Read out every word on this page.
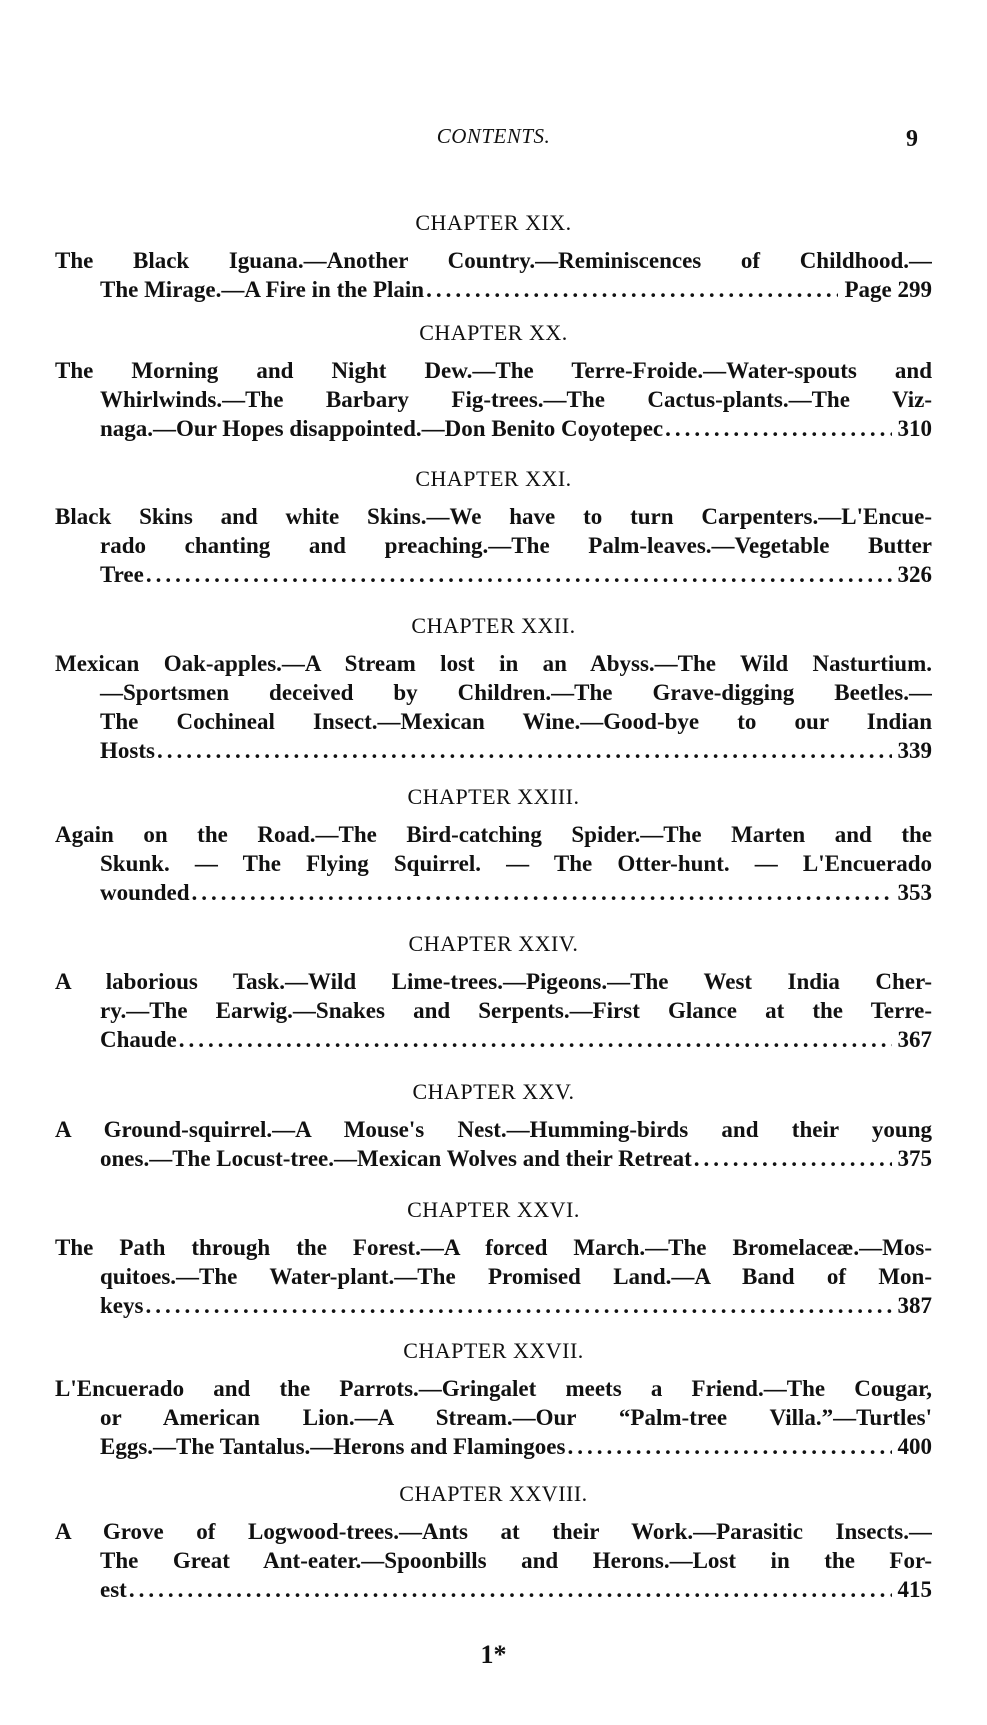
CONTENTS.	9
CHAPTER XIX.
The Black Iguana.—Another Country.—Reminiscences of Childhood.—
The Mirage.—A Fire in the Plain .....	Page 299
CHAPTER XX.
The Morning and Night Dew.—The Terre-Froide.—Water-spouts and
Whirlwinds.—The Barbary Fig-trees.—The Cactus-plants.—The Viz-
naga.—Our Hopes disappointed.—Don Benito Coyotepec .....	310
CHAPTER XXI.
Black Skins and white Skins.—We have to turn Carpenters.—L'Encue-
rado chanting and preaching.—The Palm-leaves.—Vegetable Butter
Tree .....	326
CHAPTER XXII.
Mexican Oak-apples.—A Stream lost in an Abyss.—The Wild Nasturtium.
—Sportsmen deceived by Children.—The Grave-digging Beetles.—
The Cochineal Insect.—Mexican Wine.—Good-bye to our Indian
Hosts .....	339
CHAPTER XXIII.
Again on the Road.—The Bird-catching Spider.—The Marten and the
Skunk. — The Flying Squirrel. — The Otter-hunt. — L'Encuerado
wounded .....	353
CHAPTER XXIV.
A laborious Task.—Wild Lime-trees.—Pigeons.—The West India Cher-
ry.—The Earwig.—Snakes and Serpents.—First Glance at the Terre-
Chaude .....	367
CHAPTER XXV.
A Ground-squirrel.—A Mouse's Nest.—Humming-birds and their young
ones.—The Locust-tree.—Mexican Wolves and their Retreat .....	375
CHAPTER XXVI.
The Path through the Forest.—A forced March.—The Bromelaceæ.—Mos-
quitoes.—The Water-plant.—The Promised Land.—A Band of Mon-
keys .....	387
CHAPTER XXVII.
L'Encuerado and the Parrots.—Gringalet meets a Friend.—The Cougar,
or American Lion.—A Stream.—Our “Palm-tree Villa.”—Turtles'
Eggs.—The Tantalus.—Herons and Flamingoes .....	400
CHAPTER XXVIII.
A Grove of Logwood-trees.—Ants at their Work.—Parasitic Insects.—
The Great Ant-eater.—Spoonbills and Herons.—Lost in the For-
est .....	415
1*
